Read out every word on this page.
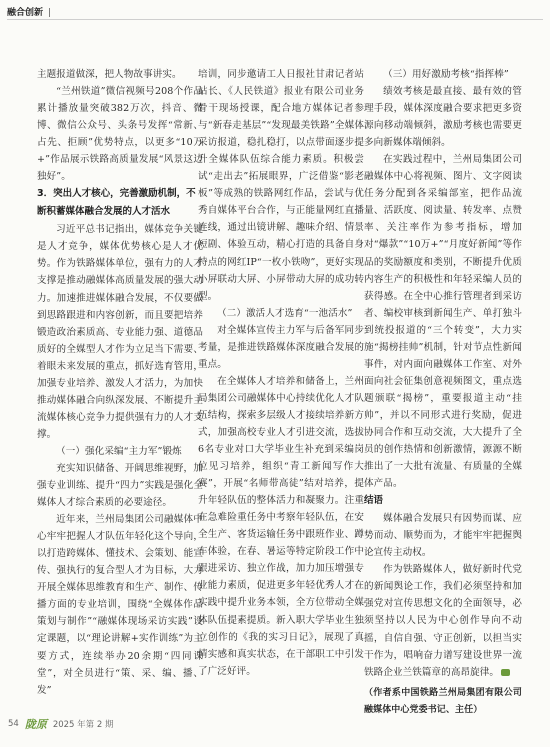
融合创新 |

主题报道做深，把人物故事讲实。

“兰州铁道”微信视频号208个作品累计播放量突破382万次，抖音、微博、微信公众号、头条号发挥“常新、占先、拒顾”优势特点，以更多“10万+”作品展示铁路高质量发展“风景这边独好”。

3．突出人才核心，完善激励机制，不断积蓄媒体融合发展的人才活水

习近平总书记指出，媒体竞争关键是人才竞争，媒体优势核心是人才优势。作为铁路媒体单位，强有力的人才支撑是推动融媒体高质量发展的强大动力。加速推进媒体融合发展，不仅要做到思路跟进和内容创新，而且要把培养锻造政治素质高、专业能力强、道德品质好的全媒型人才作为立足当下需要、着眼未来发展的重点，抓好选育管用，加强专业培养、激发人才活力，为加快推动媒体融合向纵深发展、不断提升主流媒体核心竞争力提供强有力的人才支撑。

（一）强化采编“主力军”锻炼

充实知识储备、开阔思维视野，加强专业训练、提升“四力”实践是强化全媒体人才综合素质的必要途径。

近年来，兰州局集团公司融媒体中心牢牢把握人才队伍年轻化这个导向，以打造跨媒体、懂技术、会策划、能宣传、强执行的复合型人才为目标，大力开展全媒体思维教育和生产、制作、传播方面的专业培训，围绕“全媒体作品策划与制作”“融媒体现场采访实践”设定课题，以“理论讲解+实作训练”为主要方式，连续举办20余期“四同课堂”，对全员进行“策、采、编、播、发”

培训，同步邀请工人日报社甘肃记者站站长、《人民铁道》报业有限公司业务骨干现场授课，配合地方媒体记者参与“新春走基层”“发现最美铁路”全媒体采访报道，稳扎稳打，以点带面逐步提升全媒体队伍综合能力素质。积极尝试“走出去”拓展眼界，广泛借鉴“影老板”等成熟的铁路网红作品，尝试与优秀自媒体平台合作，与正能量网红直播连线，通过出镜讲解、趣味介绍、情景短剧、体验互动，精心打造的具备自身特点的网红IP“一枚小铁吻”，更好实现小屏联动大屏、小屏带动大屏的成功转型。

（二）激活人才选育“一池活水”

对全媒体宣传主力军与后备军同步考量，是推进铁路媒体深度融合发展的重点。

在全媒体人才培养和储备上，兰州局集团公司融媒体中心持续优化人才队伍结构，探索多层级人才接续培养新方式，加强高校专业人才引进交流，选拔6名专业对口大学毕业生补充到采编岗位见习培养，组织“青工新闻写作大赛”，开展“名师带高徒”结对培养，提升年轻队伍的整体活力和凝聚力。注重在急难险重任务中考察年轻队伍，在安全生产、客货运输任务中跟班作业、蹲车体验，在春、暑运等特定阶段工作中跟进采访、独立作战，加力加压增强专业能力素质，促进更多年轻优秀人才在实践中提升业务本领，全方位带动全媒体队伍提素提质。新入职大学毕业生独立创作的《我的实习日记》，展现了真情实感和真实状态，在干部职工中引发了广泛好评。

（三）用好激励考核“指挥棒”

绩效考核是最直接、最有效的管理手段，媒体深度融合要求把更多资源向移动端倾斜，激励考核也需要更多向新媒体端倾斜。

在实践过程中，兰州局集团公司融媒体中心将视频、图片、文字阅读任务分配到各采编部室，把作品流量、活跃度、阅读量、转发率、点赞率、关注率作为参考指标，增加对“爆款”“10万+”“月度好新闻”等作品的奖励额度和类别，不断提升优质内容生产的积极性和年轻采编人员的获得感。在全中心推行管理者到采访者、编校审核到新闻生产、单打独斗到统投报道的“三个转变”，大力实施“揭榜挂帅”机制，针对节点性新闻事件，对内面向融媒体工作室、对外面向社会征集创意视频图文，重点选题颁联“揭榜”，重要报道主动“挂帅”，并以不同形式进行奖励，促进协同合作和互动交流，大大提升了全员的创作热情和创新激情，源源不断推出了一大批有流量、有质量的全媒体产品。

结语

媒体融合发展只有因势而谋、应势而动、顺势而为，才能牢牢把握舆论宣传主动权。

作为铁路媒体人，做好新时代党的新闻舆论工作，我们必须坚持和加强党对宣传思想文化的全面领导，必须坚持以人民为中心创作导向不动摇，自信自强、守正创新，以担当实干作为，唱响奋力谱写建设世界一流铁路企业兰铁篇章的高昂旋律。

（作者系中国铁路兰州局集团有限公司融媒体中心党委书记、主任）

54 陇原 2025 年第 2 期
